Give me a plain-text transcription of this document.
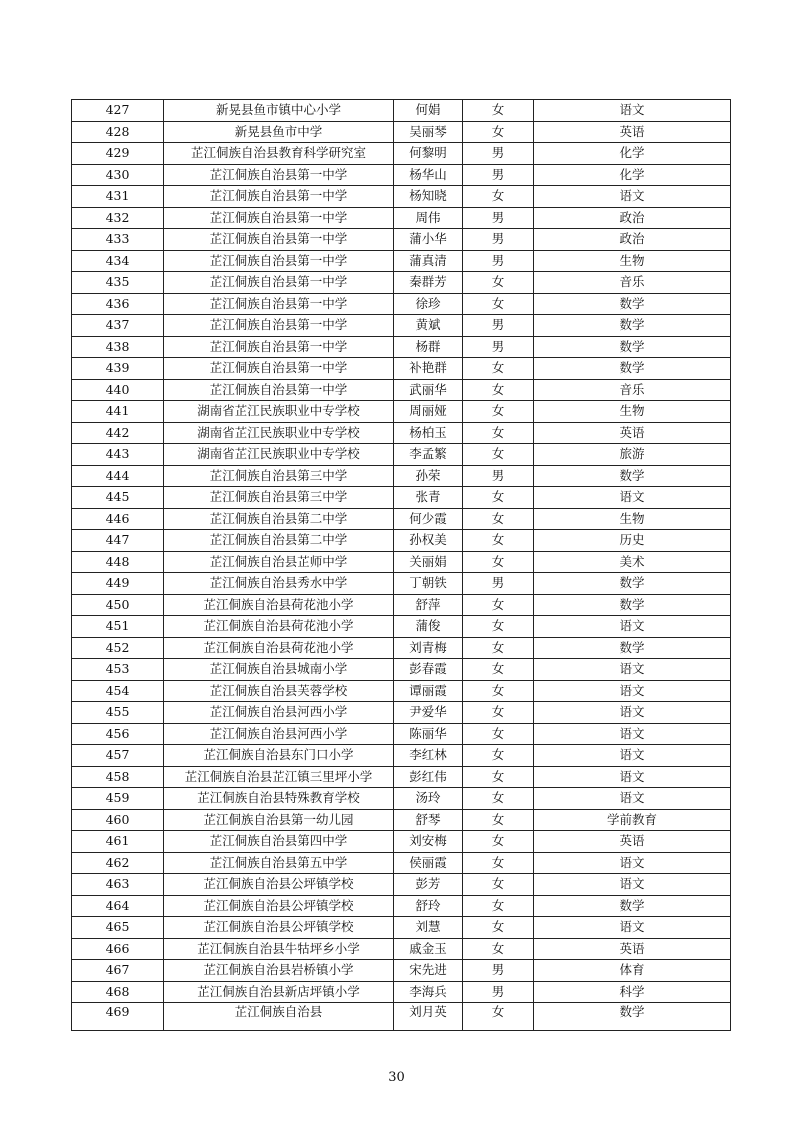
427	新晃县鱼市镇中心小学	何娟	女	语文
428	新晃县鱼市中学	吴丽琴	女	英语
429	芷江侗族自治县教育科学研究室	何黎明	男	化学
430	芷江侗族自治县第一中学	杨华山	男	化学
431	芷江侗族自治县第一中学	杨知晓	女	语文
432	芷江侗族自治县第一中学	周伟	男	政治
433	芷江侗族自治县第一中学	蒲小华	男	政治
434	芷江侗族自治县第一中学	蒲真清	男	生物
435	芷江侗族自治县第一中学	秦群芳	女	音乐
436	芷江侗族自治县第一中学	徐珍	女	数学
437	芷江侗族自治县第一中学	黄斌	男	数学
438	芷江侗族自治县第一中学	杨群	男	数学
439	芷江侗族自治县第一中学	补艳群	女	数学
440	芷江侗族自治县第一中学	武丽华	女	音乐
441	湖南省芷江民族职业中专学校	周丽娅	女	生物
442	湖南省芷江民族职业中专学校	杨柏玉	女	英语
443	湖南省芷江民族职业中专学校	李孟繁	女	旅游
444	芷江侗族自治县第三中学	孙荣	男	数学
445	芷江侗族自治县第三中学	张青	女	语文
446	芷江侗族自治县第二中学	何少霞	女	生物
447	芷江侗族自治县第二中学	孙权美	女	历史
448	芷江侗族自治县芷师中学	关丽娟	女	美术
449	芷江侗族自治县秀水中学	丁朝铁	男	数学
450	芷江侗族自治县荷花池小学	舒萍	女	数学
451	芷江侗族自治县荷花池小学	蒲俊	女	语文
452	芷江侗族自治县荷花池小学	刘青梅	女	数学
453	芷江侗族自治县城南小学	彭春霞	女	语文
454	芷江侗族自治县芙蓉学校	谭丽霞	女	语文
455	芷江侗族自治县河西小学	尹爱华	女	语文
456	芷江侗族自治县河西小学	陈丽华	女	语文
457	芷江侗族自治县东门口小学	李红林	女	语文
458	芷江侗族自治县芷江镇三里坪小学	彭红伟	女	语文
459	芷江侗族自治县特殊教育学校	汤玲	女	语文
460	芷江侗族自治县第一幼儿园	舒琴	女	学前教育
461	芷江侗族自治县第四中学	刘安梅	女	英语
462	芷江侗族自治县第五中学	侯丽霞	女	语文
463	芷江侗族自治县公坪镇学校	彭芳	女	语文
464	芷江侗族自治县公坪镇学校	舒玲	女	数学
465	芷江侗族自治县公坪镇学校	刘慧	女	语文
466	芷江侗族自治县牛牯坪乡小学	戚金玉	女	英语
467	芷江侗族自治县岩桥镇小学	宋先进	男	体育
468	芷江侗族自治县新店坪镇小学	李海兵	男	科学
469	芷江侗族自治县	刘月英	女	数学
30
